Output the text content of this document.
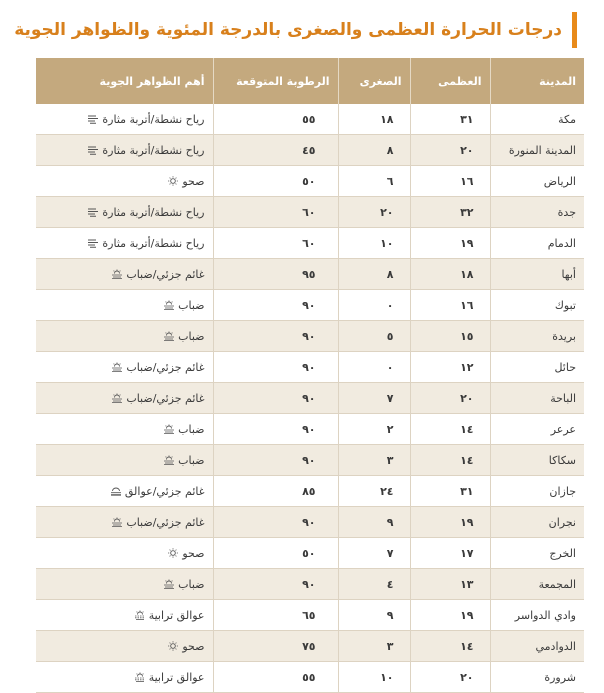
درجات الحرارة العظمى والصغرى بالدرجة المئوية والظواهر الجوية
المدينة	العظمى	الصغرى	الرطوبة المتوقعة	أهم الظواهر الجوية
مكة	٣١	١٨	٥٥	رياح نشطة/أتربة مثارة

المدينة المنورة	٢٠	٨	٤٥	رياح نشطة/أتربة مثارة

الرياض	١٦	٦	٥٠	صحو

جدة	٣٢	٢٠	٦٠	رياح نشطة/أتربة مثارة

الدمام	١٩	١٠	٦٠	رياح نشطة/أتربة مثارة

أبها	١٨	٨	٩٥	غائم جزئي/ضباب

تبوك	١٦	٠	٩٠	ضباب

بريدة	١٥	٥	٩٠	ضباب

حائل	١٢	٠	٩٠	غائم جزئي/ضباب

الباحة	٢٠	٧	٩٠	غائم جزئي/ضباب

عرعر	١٤	٢	٩٠	ضباب

سكاكا	١٤	٣	٩٠	ضباب

جازان	٣١	٢٤	٨٥	غائم جزئي/عوالق

نجران	١٩	٩	٩٠	غائم جزئي/ضباب

الخرج	١٧	٧	٥٠	صحو

المجمعة	١٣	٤	٩٠	ضباب

وادي الدواسر	١٩	٩	٦٥	عوالق ترابية

الدوادمي	١٤	٣	٧٥	صحو

شرورة	٢٠	١٠	٥٥	عوالق ترابية
